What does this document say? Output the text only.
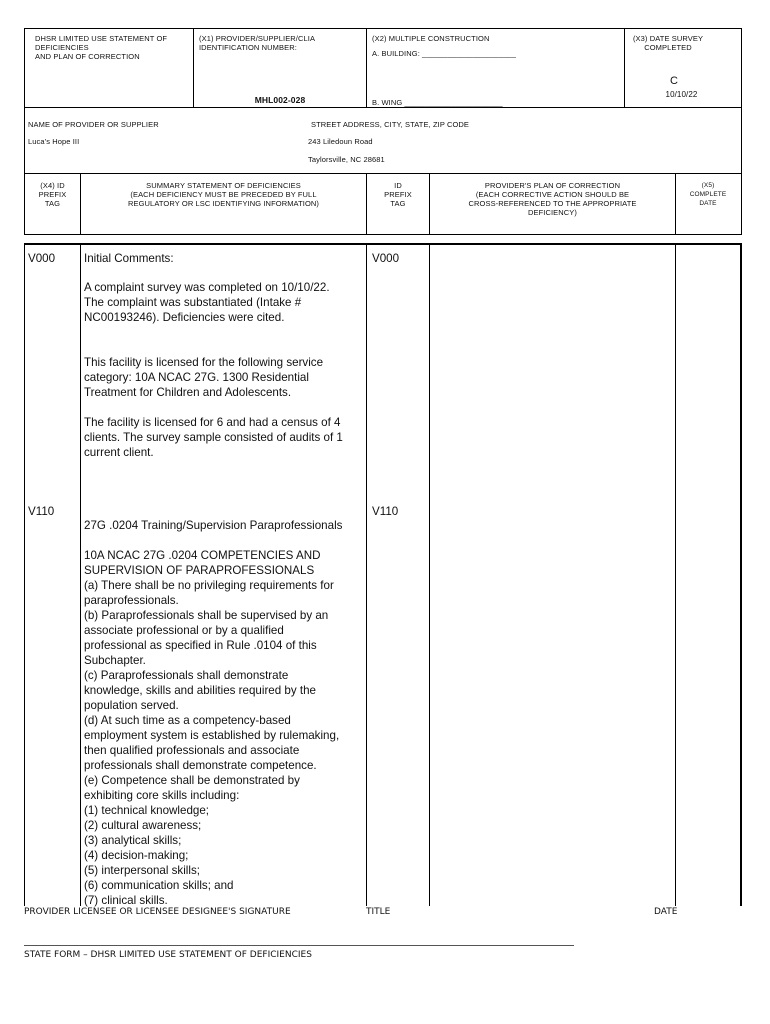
DHSR LIMITED USE STATEMENT OF
DEFICIENCIES
AND PLAN OF CORRECTION
(X1) PROVIDER/SUPPLIER/CLIA
IDENTIFICATION NUMBER:
MHL002-028
(X2) MULTIPLE CONSTRUCTION
A. BUILDING: ______________________
B. WING _______________________
(X3) DATE SURVEY
COMPLETED
C
10/10/22
NAME OF PROVIDER OR SUPPLIER
Luca's Hope III
STREET ADDRESS, CITY, STATE, ZIP CODE
243 Liledoun Road
Taylorsville, NC 28681
(X4) ID
PREFIX
TAG
SUMMARY STATEMENT OF DEFICIENCIES
(EACH DEFICIENCY MUST BE PRECEDED BY FULL
REGULATORY OR LSC IDENTIFYING INFORMATION)
ID
PREFIX
TAG
PROVIDER'S PLAN OF CORRECTION
(EACH CORRECTIVE ACTION SHOULD BE
CROSS-REFERENCED TO THE APPROPRIATE
DEFICIENCY)
(X5)
COMPLETE
DATE
V000	V000
Initial Comments:
A complaint survey was completed on 10/10/22.
The complaint was substantiated (Intake #
NC00193246). Deficiencies were cited.
This facility is licensed for the following service
category: 10A NCAC 27G. 1300 Residential
Treatment for Children and Adolescents.
The facility is licensed for 6 and had a census of 4
clients. The survey sample consisted of audits of 1
current client.
V110	V110
27G .0204 Training/Supervision Paraprofessionals
10A NCAC 27G .0204 COMPETENCIES AND
SUPERVISION OF PARAPROFESSIONALS
(a) There shall be no privileging requirements for
paraprofessionals.
(b) Paraprofessionals shall be supervised by an
associate professional or by a qualified
professional as specified in Rule .0104 of this
Subchapter.
(c) Paraprofessionals shall demonstrate
knowledge, skills and abilities required by the
population served.
(d) At such time as a competency-based
employment system is established by rulemaking,
then qualified professionals and associate
professionals shall demonstrate competence.
(e) Competence shall be demonstrated by
exhibiting core skills including:
(1) technical knowledge;
(2) cultural awareness;
(3) analytical skills;
(4) decision-making;
(5) interpersonal skills;
(6) communication skills; and
(7) clinical skills.
PROVIDER LICENSEE OR LICENSEE DESIGNEE'S SIGNATURE	TITLE	DATE
STATE FORM – DHSR LIMITED USE STATEMENT OF DEFICIENCIES
